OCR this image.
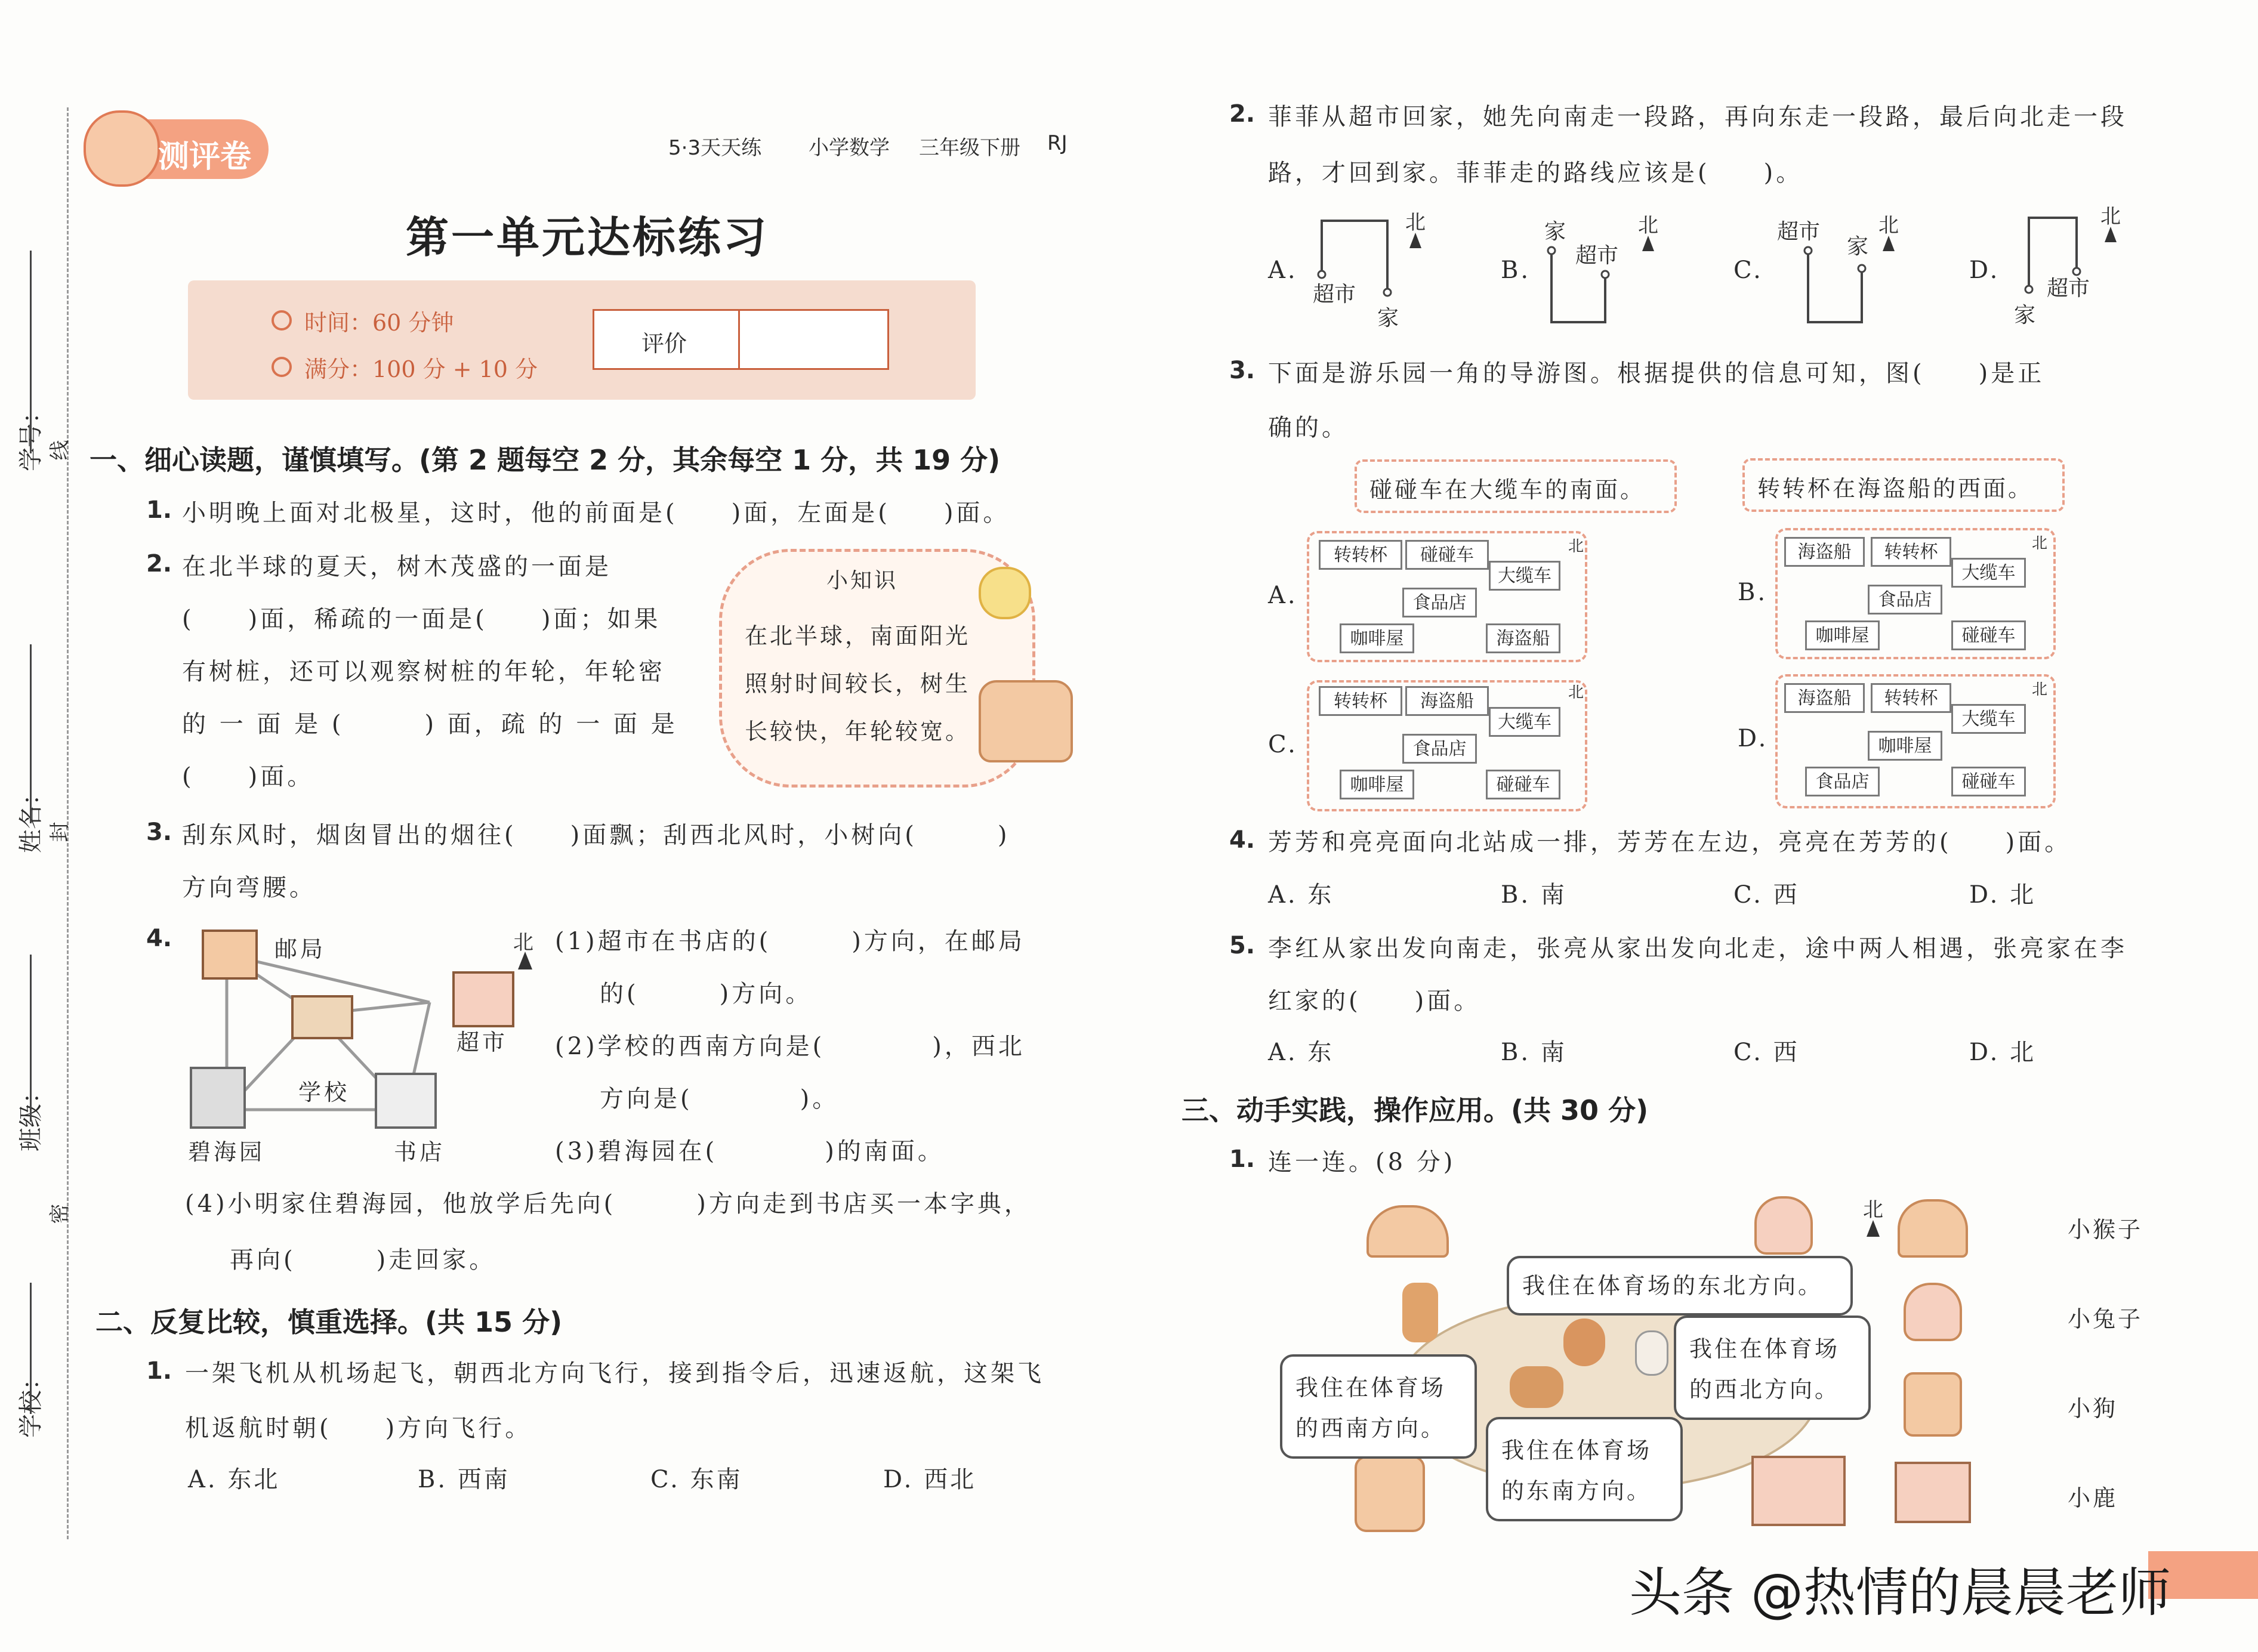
学号： 线
姓名： 封
班级：
密
学校：
测评卷	5·3天天练 小学数学 三年级下册 RJ
第一单元达标练习
时间：60 分钟
满分：100 分 + 10 分
评价
一、细心读题，谨慎填写。(第 2 题每空 2 分，其余每空 1 分，共 19 分)
1. 小明晚上面对北极星，这时，他的前面是(　　)面，左面是(　　)面。
2. 在北半球的夏天，树木茂盛的一面是
(　　)面，稀疏的一面是(　　)面；如果
有树桩，还可以观察树桩的年轮，年轮密
的 一 面 是 (　　　) 面，疏 的 一 面 是
(　　)面。
小知识
在北半球，南面阳光
照射时间较长，树生
长较快，年轮较宽。
3. 刮东风时，烟囱冒出的烟往(　　)面飘；刮西北风时，小树向(　　　)
方向弯腰。
4.	邮局
超市
学校
碧海园	书店
北 (1)超市在书店的(　　　)方向，在邮局
的(　　　)方向。
(2)学校的西南方向是(　　　　)，西北
方向是(　　　　)。
(3)碧海园在(　　　　)的南面。
(4)小明家住碧海园，他放学后先向(　　　)方向走到书店买一本字典，
再向(　　　)走回家。
二、反复比较，慎重选择。(共 15 分)
1. 一架飞机从机场起飞，朝西北方向飞行，接到指令后，迅速返航，这架飞
机返航时朝(　　)方向飞行。
A. 东北	B. 西南	C. 东南	D. 西北
2. 菲菲从超市回家，她先向南走一段路，再向东走一段路，最后向北走一段
路，才回到家。菲菲走的路线应该是(　　)。
A.	B.	C.	D.
超市
家
北	家
超市
北	超市
家
北
家
超市
北
3. 下面是游乐园一角的导游图。根据提供的信息可知，图(　　)是正
确的。
碰碰车在大缆车的南面。	转转杯在海盗船的西面。
A.
转转杯	碰碰车
大缆车
食品店
咖啡屋	海盗船
北
B.
海盗船	转转杯
大缆车
食品店
咖啡屋	碰碰车
北
C.
转转杯	海盗船
大缆车
食品店
咖啡屋	碰碰车
北
D.
海盗船	转转杯
大缆车
咖啡屋
食品店	碰碰车
北
4. 芳芳和亮亮面向北站成一排，芳芳在左边，亮亮在芳芳的(　　)面。
A. 东	B. 南	C. 西	D. 北
5. 李红从家出发向南走，张亮从家出发向北走，途中两人相遇，张亮家在李
红家的(　　)面。
A. 东	B. 南	C. 西	D. 北
三、动手实践，操作应用。(共 30 分)
1. 连一连。(8 分)
我住在体育场的东北方向。
我住在体育场
的西北方向。
我住在体育场
的西南方向。
我住在体育场
的东南方向。
北
小猴子
小兔子
小狗
小鹿
头条 @热情的晨晨老师
